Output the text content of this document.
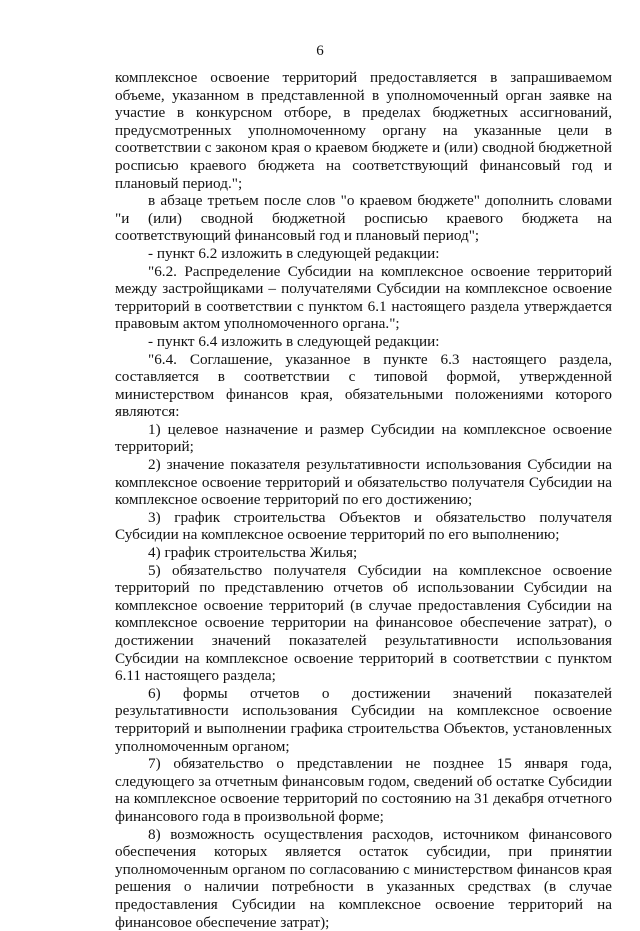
6

комплексное освоение территорий предоставляется в запрашиваемом объеме, указанном в представленной в уполномоченный орган заявке на участие в конкурсном отборе, в пределах бюджетных ассигнований, предусмотренных уполномоченному органу на указанные цели в соответствии с законом края о краевом бюджете и (или) сводной бюджетной росписью краевого бюджета на соответствующий финансовый год и плановый период.";

в абзаце третьем после слов "о краевом бюджете" дополнить словами "и (или) сводной бюджетной росписью краевого бюджета на соответствующий финансовый год и плановый период";

- пункт 6.2 изложить в следующей редакции:

"6.2. Распределение Субсидии на комплексное освоение территорий между застройщиками – получателями Субсидии на комплексное освоение территорий в соответствии с пунктом 6.1 настоящего раздела утверждается правовым актом уполномоченного органа.";

- пункт 6.4 изложить в следующей редакции:

"6.4. Соглашение, указанное в пункте 6.3 настоящего раздела, составляется в соответствии с типовой формой, утвержденной министерством финансов края, обязательными положениями которого являются:

1) целевое назначение и размер Субсидии на комплексное освоение территорий;

2) значение показателя результативности использования Субсидии на комплексное освоение территорий и обязательство получателя Субсидии на комплексное освоение территорий по его достижению;

3) график строительства Объектов и обязательство получателя Субсидии на комплексное освоение территорий по его выполнению;

4) график строительства Жилья;

5) обязательство получателя Субсидии на комплексное освоение территорий по представлению отчетов об использовании Субсидии на комплексное освоение территорий (в случае предоставления Субсидии на комплексное освоение территории на финансовое обеспечение затрат), о достижении значений показателей результативности использования Субсидии на комплексное освоение территорий в соответствии с пунктом 6.11 настоящего раздела;

6) формы отчетов о достижении значений показателей результативности использования Субсидии на комплексное освоение территорий и выполнении графика строительства Объектов, установленных уполномоченным органом;

7) обязательство о представлении не позднее 15 января года, следующего за отчетным финансовым годом, сведений об остатке Субсидии на комплексное освоение территорий по состоянию на 31 декабря отчетного финансового года в произвольной форме;

8) возможность осуществления расходов, источником финансового обеспечения которых является остаток субсидии, при принятии уполномоченным органом по согласованию с министерством финансов края решения о наличии потребности в указанных средствах (в случае предоставления Субсидии на комплексное освоение территорий на финансовое обеспечение затрат);
